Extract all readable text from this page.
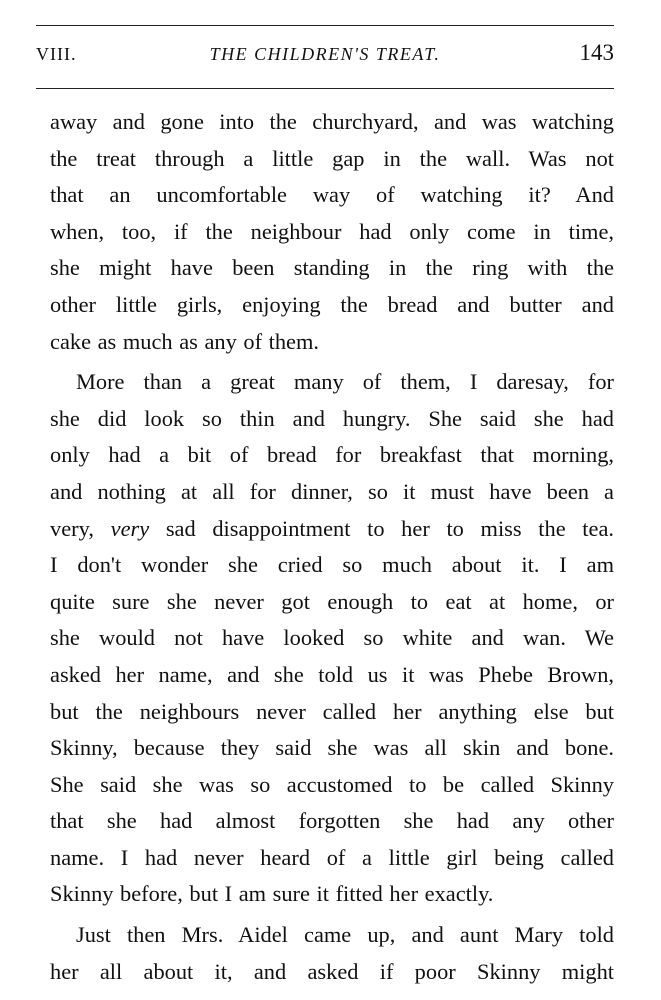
VIII.	THE CHILDREN'S TREAT.	143
away and gone into the churchyard, and was watching
the treat through a little gap in the wall. Was not
that an uncomfortable way of watching it? And
when, too, if the neighbour had only come in time,
she might have been standing in the ring with the
other little girls, enjoying the bread and butter and
cake as much as any of them.
More than a great many of them, I daresay, for
she did look so thin and hungry. She said she had
only had a bit of bread for breakfast that morning,
and nothing at all for dinner, so it must have been a
very, very sad disappointment to her to miss the tea.
I don't wonder she cried so much about it. I am
quite sure she never got enough to eat at home, or
she would not have looked so white and wan. We
asked her name, and she told us it was Phebe Brown,
but the neighbours never called her anything else but
Skinny, because they said she was all skin and bone.
She said she was so accustomed to be called Skinny
that she had almost forgotten she had any other
name. I had never heard of a little girl being called
Skinny before, but I am sure it fitted her exactly.
Just then Mrs. Aidel came up, and aunt Mary told
her all about it, and asked if poor Skinny might
